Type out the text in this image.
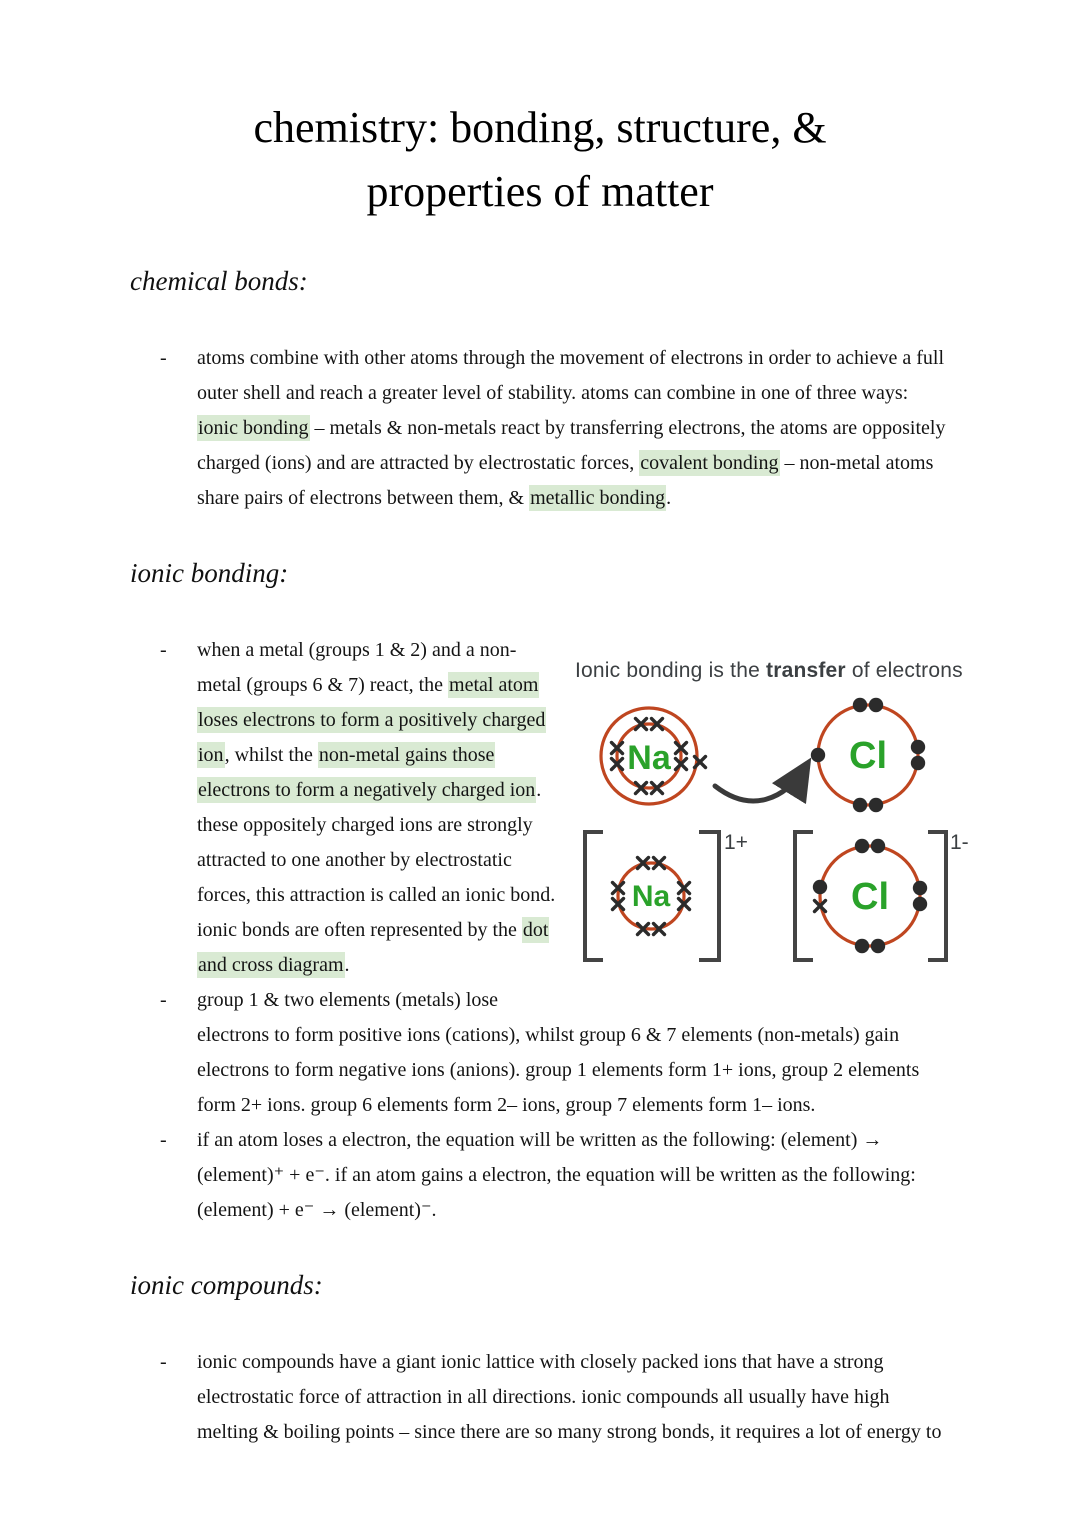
chemistry: bonding, structure, &
properties of matter
chemical bonds:
- atoms combine with other atoms through the movement of electrons in order to achieve a full outer shell and reach a greater level of stability. atoms can combine in one of three ways: ionic bonding – metals & non-metals react by transferring electrons, the atoms are oppositely charged (ions) and are attracted by electrostatic forces, covalent bonding – non-metal atoms share pairs of electrons between them, & metallic bonding.
ionic bonding:
-
Ionic bonding is the transfer of electrons
Na	Cl
1+
Na
1-
Cl
when a metal (groups 1 & 2) and a non-metal (groups 6 & 7) react, the metal atom loses electrons to form a positively charged ion, whilst the non-metal gains those electrons to form a negatively charged ion. these oppositely charged ions are strongly attracted to one another by electrostatic forces, this attraction is called an ionic bond. ionic bonds are often represented by the dot and cross diagram.
- group 1 & two elements (metals) lose electrons to form positive ions (cations), whilst group 6 & 7 elements (non-metals) gain electrons to form negative ions (anions). group 1 elements form 1+ ions, group 2 elements form 2+ ions. group 6 elements form 2– ions, group 7 elements form 1– ions.
- if an atom loses a electron, the equation will be written as the following: (element) → (element)⁺ + e⁻. if an atom gains a electron, the equation will be written as the following: (element) + e⁻ → (element)⁻.
ionic compounds:
- ionic compounds have a giant ionic lattice with closely packed ions that have a strong electrostatic force of attraction in all directions. ionic compounds all usually have high melting & boiling points – since there are so many strong bonds, it requires a lot of energy to
